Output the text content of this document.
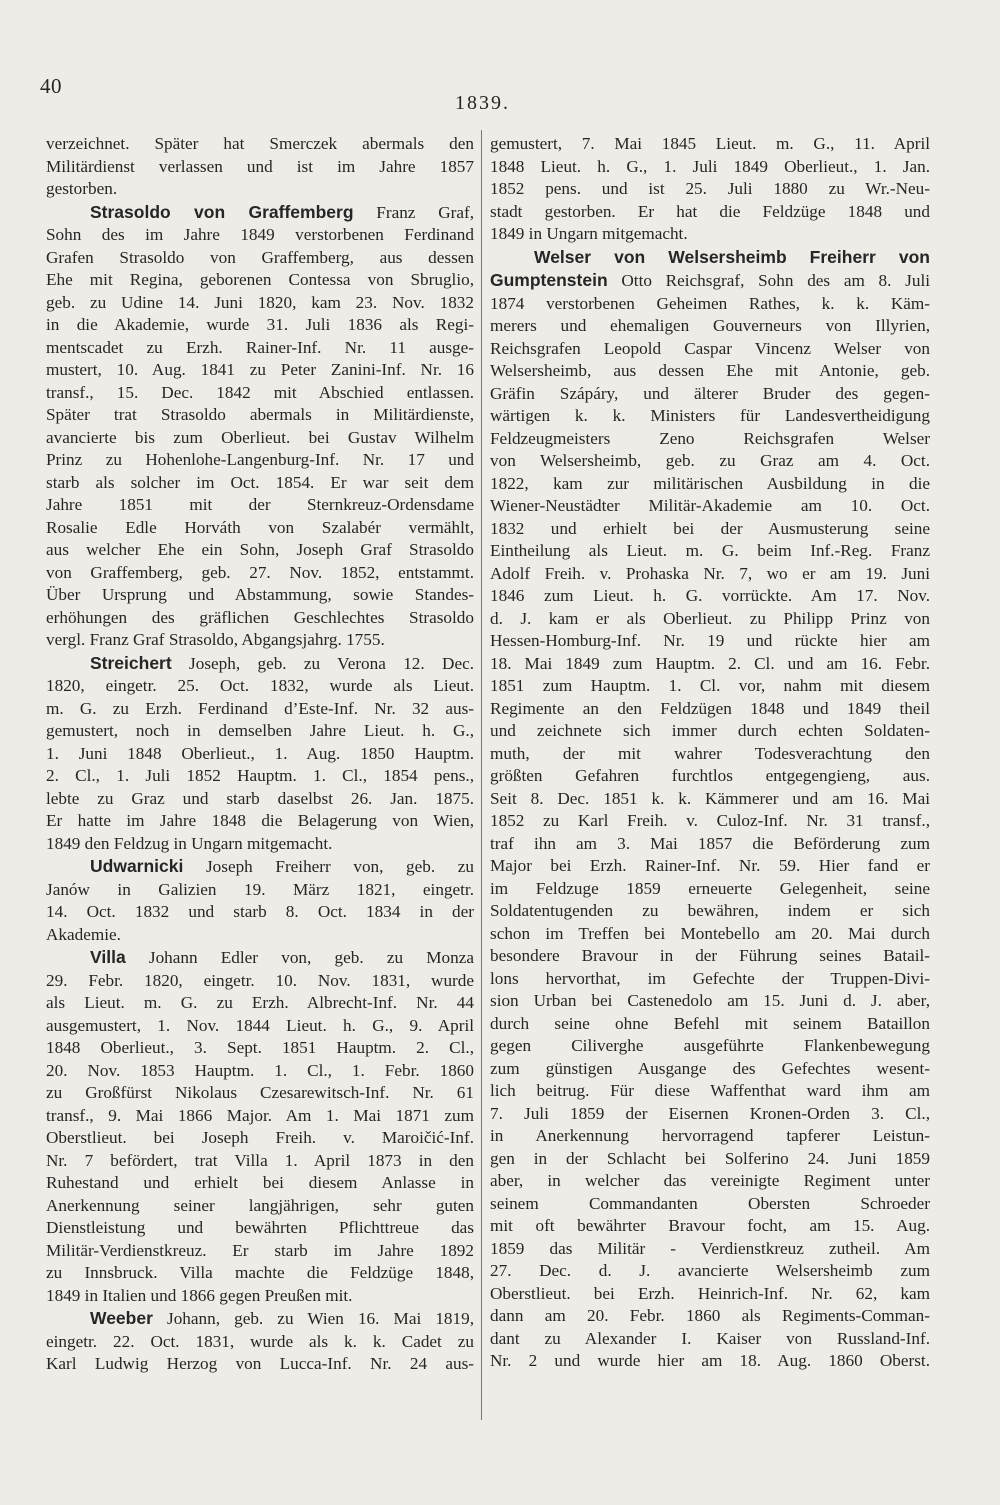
40
1839.
verzeichnet. Später hat Smerczek abermals den
Militärdienst verlassen und ist im Jahre 1857
gestorben.
Strasoldo von Graffemberg Franz Graf,
Sohn des im Jahre 1849 verstorbenen Ferdinand
Grafen Strasoldo von Graffemberg, aus dessen
Ehe mit Regina, geborenen Contessa von Sbruglio,
geb. zu Udine 14. Juni 1820, kam 23. Nov. 1832
in die Akademie, wurde 31. Juli 1836 als Regi-
mentscadet zu Erzh. Rainer-Inf. Nr. 11 ausge-
mustert, 10. Aug. 1841 zu Peter Zanini-Inf. Nr. 16
transf., 15. Dec. 1842 mit Abschied entlassen.
Später trat Strasoldo abermals in Militärdienste,
avancierte bis zum Oberlieut. bei Gustav Wilhelm
Prinz zu Hohenlohe-Langenburg-Inf. Nr. 17 und
starb als solcher im Oct. 1854. Er war seit dem
Jahre 1851 mit der Sternkreuz-Ordensdame
Rosalie Edle Horváth von Szalabér vermählt,
aus welcher Ehe ein Sohn, Joseph Graf Strasoldo
von Graffemberg, geb. 27. Nov. 1852, entstammt.
Über Ursprung und Abstammung, sowie Standes-
erhöhungen des gräflichen Geschlechtes Strasoldo
vergl. Franz Graf Strasoldo, Abgangsjahrg. 1755.
Streichert Joseph, geb. zu Verona 12. Dec.
1820, eingetr. 25. Oct. 1832, wurde als Lieut.
m. G. zu Erzh. Ferdinand d’Este-Inf. Nr. 32 aus-
gemustert, noch in demselben Jahre Lieut. h. G.,
1. Juni 1848 Oberlieut., 1. Aug. 1850 Hauptm.
2. Cl., 1. Juli 1852 Hauptm. 1. Cl., 1854 pens.,
lebte zu Graz und starb daselbst 26. Jan. 1875.
Er hatte im Jahre 1848 die Belagerung von Wien,
1849 den Feldzug in Ungarn mitgemacht.
Udwarnicki Joseph Freiherr von, geb. zu
Janów in Galizien 19. März 1821, eingetr.
14. Oct. 1832 und starb 8. Oct. 1834 in der
Akademie.
Villa Johann Edler von, geb. zu Monza
29. Febr. 1820, eingetr. 10. Nov. 1831, wurde
als Lieut. m. G. zu Erzh. Albrecht-Inf. Nr. 44
ausgemustert, 1. Nov. 1844 Lieut. h. G., 9. April
1848 Oberlieut., 3. Sept. 1851 Hauptm. 2. Cl.,
20. Nov. 1853 Hauptm. 1. Cl., 1. Febr. 1860
zu Großfürst Nikolaus Czesarewitsch-Inf. Nr. 61
transf., 9. Mai 1866 Major. Am 1. Mai 1871 zum
Oberstlieut. bei Joseph Freih. v. Maroičić-Inf.
Nr. 7 befördert, trat Villa 1. April 1873 in den
Ruhestand und erhielt bei diesem Anlasse in
Anerkennung seiner langjährigen, sehr guten
Dienstleistung und bewährten Pflichttreue das
Militär-Verdienstkreuz. Er starb im Jahre 1892
zu Innsbruck. Villa machte die Feldzüge 1848,
1849 in Italien und 1866 gegen Preußen mit.
Weeber Johann, geb. zu Wien 16. Mai 1819,
eingetr. 22. Oct. 1831, wurde als k. k. Cadet zu
Karl Ludwig Herzog von Lucca-Inf. Nr. 24 aus-
gemustert, 7. Mai 1845 Lieut. m. G., 11. April
1848 Lieut. h. G., 1. Juli 1849 Oberlieut., 1. Jan.
1852 pens. und ist 25. Juli 1880 zu Wr.-Neu-
stadt gestorben. Er hat die Feldzüge 1848 und
1849 in Ungarn mitgemacht.
Welser von Welsersheimb Freiherr von
Gumptenstein Otto Reichsgraf, Sohn des am 8. Juli
1874 verstorbenen Geheimen Rathes, k. k. Käm-
merers und ehemaligen Gouverneurs von Illyrien,
Reichsgrafen Leopold Caspar Vincenz Welser von
Welsersheimb, aus dessen Ehe mit Antonie, geb.
Gräfin Szápáry, und älterer Bruder des gegen-
wärtigen k. k. Ministers für Landesvertheidigung
Feldzeugmeisters Zeno Reichsgrafen Welser
von Welsersheimb, geb. zu Graz am 4. Oct.
1822, kam zur militärischen Ausbildung in die
Wiener-Neustädter Militär-Akademie am 10. Oct.
1832 und erhielt bei der Ausmusterung seine
Eintheilung als Lieut. m. G. beim Inf.-Reg. Franz
Adolf Freih. v. Prohaska Nr. 7, wo er am 19. Juni
1846 zum Lieut. h. G. vorrückte. Am 17. Nov.
d. J. kam er als Oberlieut. zu Philipp Prinz von
Hessen-Homburg-Inf. Nr. 19 und rückte hier am
18. Mai 1849 zum Hauptm. 2. Cl. und am 16. Febr.
1851 zum Hauptm. 1. Cl. vor, nahm mit diesem
Regimente an den Feldzügen 1848 und 1849 theil
und zeichnete sich immer durch echten Soldaten-
muth, der mit wahrer Todesverachtung den
größten Gefahren furchtlos entgegengieng, aus.
Seit 8. Dec. 1851 k. k. Kämmerer und am 16. Mai
1852 zu Karl Freih. v. Culoz-Inf. Nr. 31 transf.,
traf ihn am 3. Mai 1857 die Beförderung zum
Major bei Erzh. Rainer-Inf. Nr. 59. Hier fand er
im Feldzuge 1859 erneuerte Gelegenheit, seine
Soldatentugenden zu bewähren, indem er sich
schon im Treffen bei Montebello am 20. Mai durch
besondere Bravour in der Führung seines Batail-
lons hervorthat, im Gefechte der Truppen-Divi-
sion Urban bei Castenedolo am 15. Juni d. J. aber,
durch seine ohne Befehl mit seinem Bataillon
gegen Ciliverghe ausgeführte Flankenbewegung
zum günstigen Ausgange des Gefechtes wesent-
lich beitrug. Für diese Waffenthat ward ihm am
7. Juli 1859 der Eisernen Kronen-Orden 3. Cl.,
in Anerkennung hervorragend tapferer Leistun-
gen in der Schlacht bei Solferino 24. Juni 1859
aber, in welcher das vereinigte Regiment unter
seinem Commandanten Obersten Schroeder
mit oft bewährter Bravour focht, am 15. Aug.
1859 das Militär - Verdienstkreuz zutheil. Am
27. Dec. d. J. avancierte Welsersheimb zum
Oberstlieut. bei Erzh. Heinrich-Inf. Nr. 62, kam
dann am 20. Febr. 1860 als Regiments-Comman-
dant zu Alexander I. Kaiser von Russland-Inf.
Nr. 2 und wurde hier am 18. Aug. 1860 Oberst.
